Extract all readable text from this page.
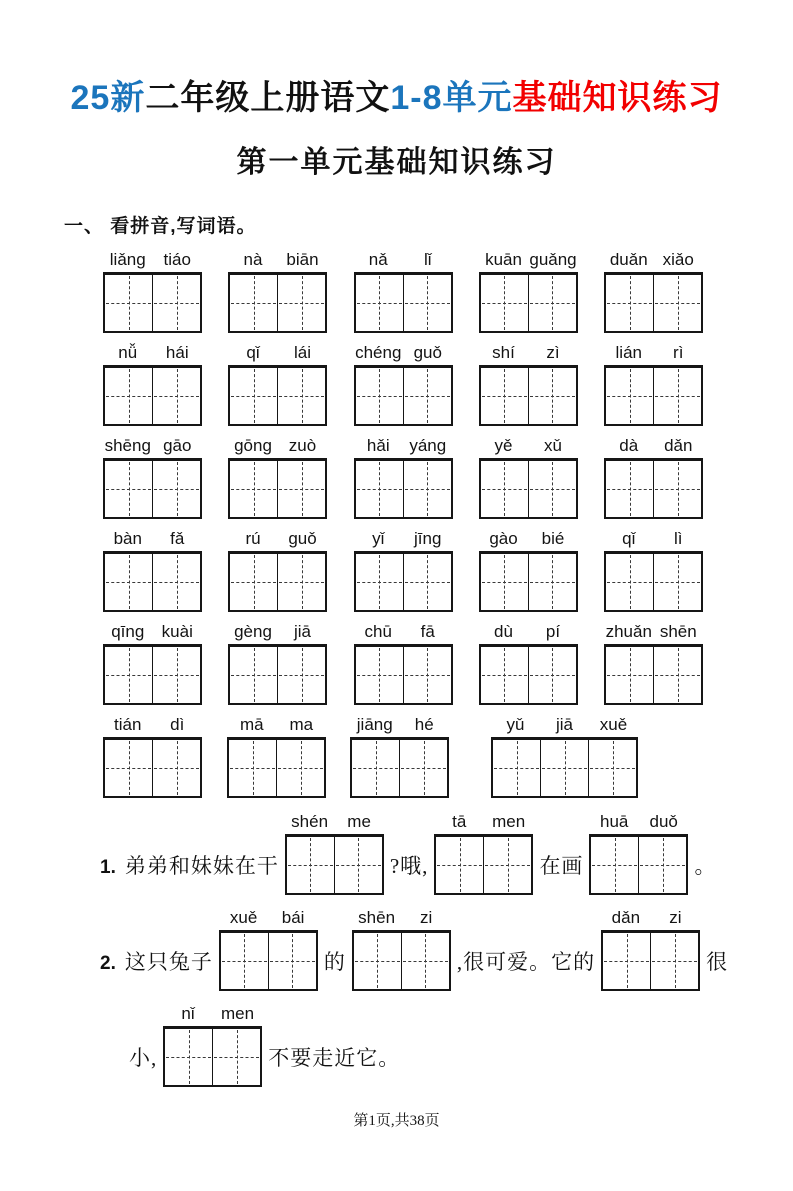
25新二年级上册语文1-8单元基础知识练习
第一单元基础知识练习
一、 看拼音,写词语。
liǎng	tiáo	nà	biān	nǎ	lǐ	kuān guǎng	duǎn xiǎo
nǚ	hái	qǐ	lái	chéng guǒ	shí	zì	lián	rì
shēng gāo	gōng zuò	hǎi	yáng	yě	xǔ	dà	dǎn
bàn	fǎ	rú	guǒ	yǐ	jīng	gào	bié	qǐ	lì
qīng	kuài	gèng	jiā	chū	fā	dù	pí	zhuǎn shēn
tián	dì	mā	ma	jiāng	hé	yǔ	jiā	xuě
1. 弟弟和妹妹在干
shén	me
?哦,
tā	men
在画
huā	duǒ
。
2. 这只兔子
xuě	bái
的
shēn	zi
,很可爱。它的
dǎn	zi
很
小,
nǐ	men
不要走近它。
第1页,共38页
